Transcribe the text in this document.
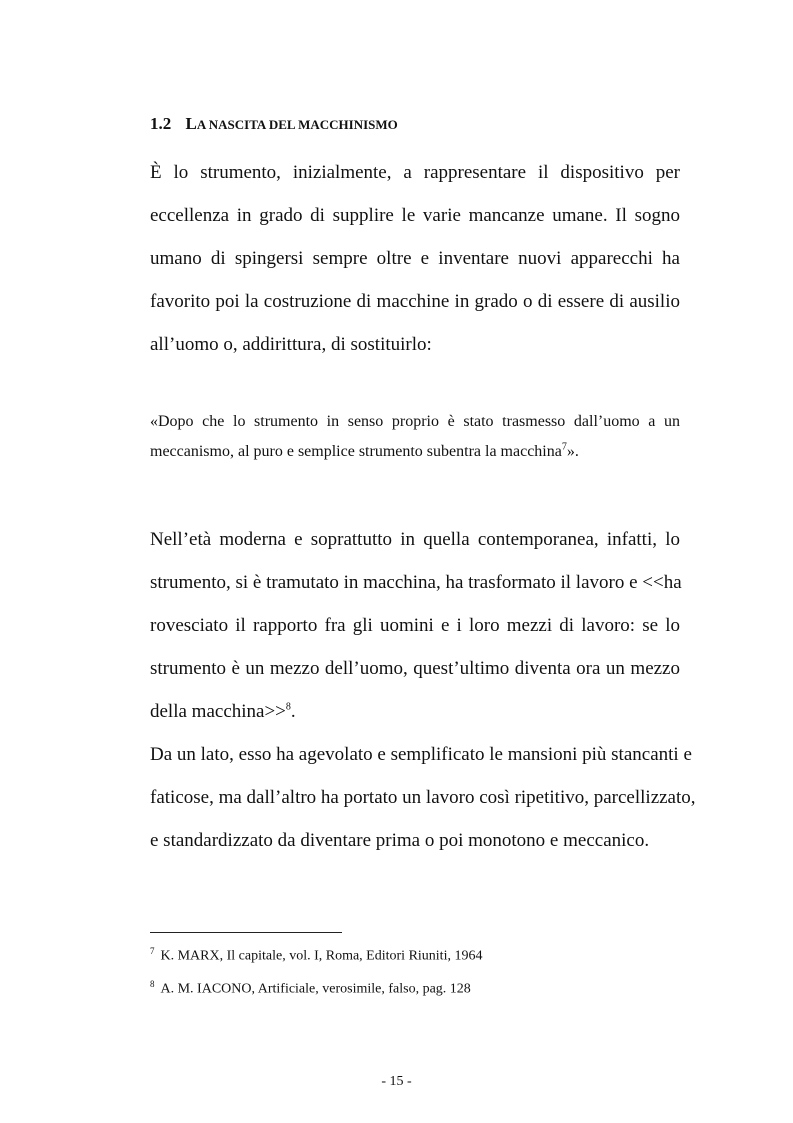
1.2 LA NASCITA DEL MACCHINISMO
È lo strumento, inizialmente, a rappresentare il dispositivo per
eccellenza in grado di supplire le varie mancanze umane. Il sogno
umano di spingersi sempre oltre e inventare nuovi apparecchi ha
favorito poi la costruzione di macchine in grado o di essere di ausilio
all’uomo o, addirittura, di sostituirlo:
«Dopo che lo strumento in senso proprio è stato trasmesso dall’uomo a un
meccanismo, al puro e semplice strumento subentra la macchina$^7$».
Nell’età moderna e soprattutto in quella contemporanea, infatti, lo
strumento, si è tramutato in macchina, ha trasformato il lavoro e <<ha
rovesciato il rapporto fra gli uomini e i loro mezzi di lavoro: se lo
strumento è un mezzo dell’uomo, quest’ultimo diventa ora un mezzo
della macchina>>$^8$.
Da un lato, esso ha agevolato e semplificato le mansioni più stancanti e
faticose, ma dall’altro ha portato un lavoro così ripetitivo, parcellizzato,
e standardizzato da diventare prima o poi monotono e meccanico.
$^7$ K. MARX, Il capitale, vol. I, Roma, Editori Riuniti, 1964
$^8$ A. M. IACONO, Artificiale, verosimile, falso, pag. 128
- 15 -
